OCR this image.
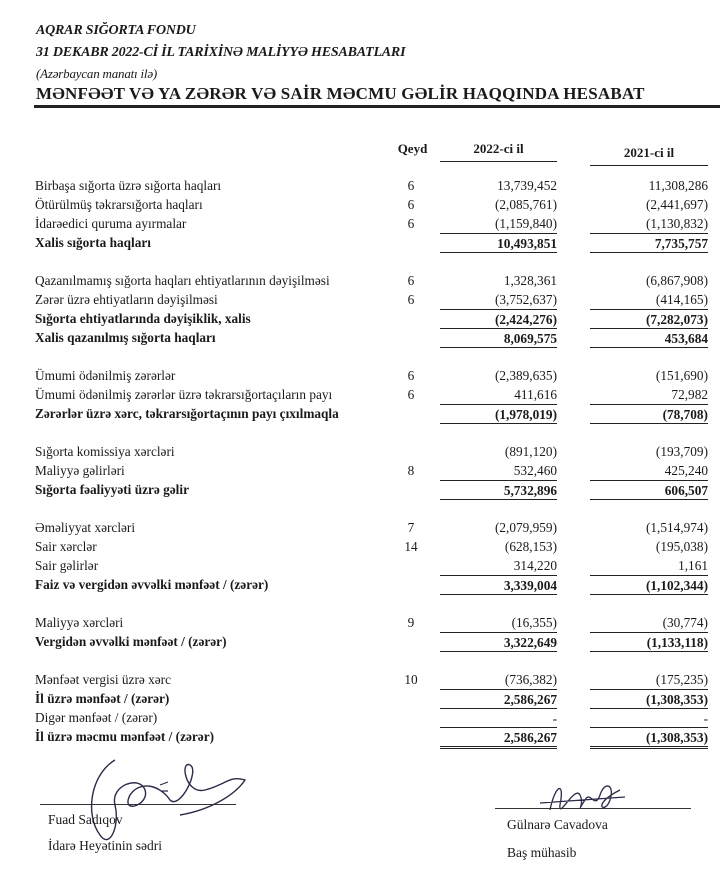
AQRAR SIĞORTA FONDU
31 DEKABR 2022-Cİ İL TARİXİNƏ MALİYYƏ HESABATLARI
(Azərbaycan manatı ilə)
MƏNFƏƏT VƏ YA ZƏRƏR VƏ SAİR MƏCMU GƏLİR HAQQINDA HESABAT
Qeyd	2022-ci il	2021-ci il
Birbaşa sığorta üzrə sığorta haqları	6	13,739,452	11,308,286
Ötürülmüş təkrarsığorta haqları	6	(2,085,761)	(2,441,697)
İdarəedici quruma ayırmalar	6	(1,159,840)	(1,130,832)
Xalis sığorta haqları	10,493,851	7,735,757
Qazanılmamış sığorta haqları ehtiyatlarının dəyişilməsi	6	1,328,361	(6,867,908)
Zərər üzrə ehtiyatların dəyişilməsi	6	(3,752,637)	(414,165)
Sığorta ehtiyatlarında dəyişiklik, xalis	(2,424,276)	(7,282,073)
Xalis qazanılmış sığorta haqları	8,069,575	453,684
Ümumi ödənilmiş zərərlər	6	(2,389,635)	(151,690)
Ümumi ödənilmiş zərərlər üzrə təkrarsığortaçıların payı	6	411,616	72,982
Zərərlər üzrə xərc, təkrarsığortaçının payı çıxılmaqla	(1,978,019)	(78,708)
Sığorta komissiya xərcləri	(891,120)	(193,709)
Maliyyə gəlirləri	8	532,460	425,240
Sığorta fəaliyyəti üzrə gəlir	5,732,896	606,507
Əməliyyat xərcləri	7	(2,079,959)	(1,514,974)
Sair xərclər	14	(628,153)	(195,038)
Sair gəlirlər	314,220	1,161
Faiz və vergidən əvvəlki mənfəət / (zərər)	3,339,004	(1,102,344)
Maliyyə xərcləri	9	(16,355)	(30,774)
Vergidən əvvəlki mənfəət / (zərər)	3,322,649	(1,133,118)
Mənfəət vergisi üzrə xərc	10	(736,382)	(175,235)
İl üzrə mənfəət / (zərər)	2,586,267	(1,308,353)
Digər mənfəət / (zərər)	-	-
İl üzrə məcmu mənfəət / (zərər)	2,586,267	(1,308,353)
Fuad Sadıqov
İdarə Heyətinin sədri
Gülnarə Cavadova
Baş mühasib
